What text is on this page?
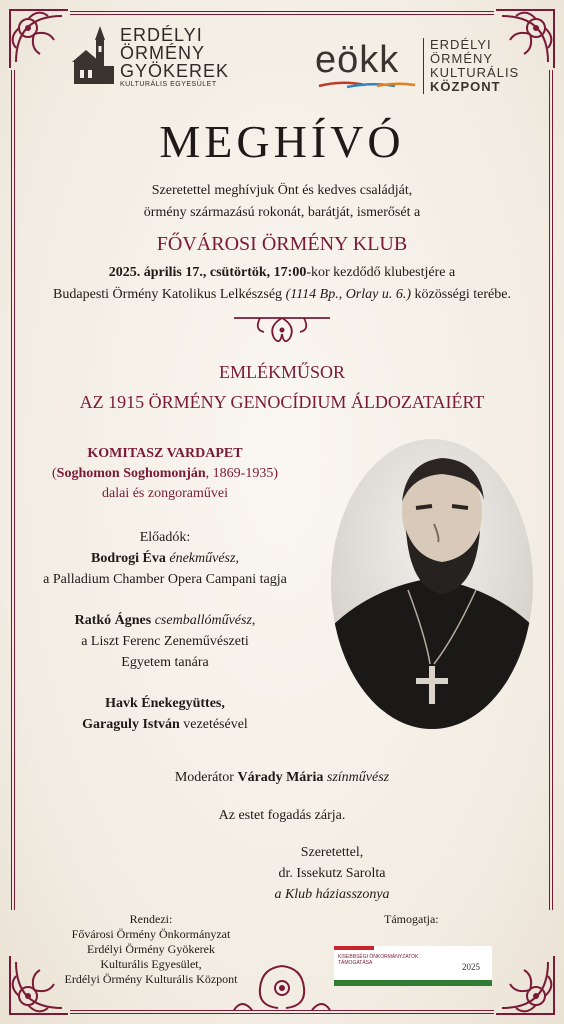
ERDÉLYI
ÖRMÉNY
GYÖKEREK
KULTURÁLIS EGYESÜLET
eökk ERDÉLYI
ÖRMÉNY
KULTURÁLIS
KÖZPONT
MEGHÍVÓ
Szeretettel meghívjuk Önt és kedves családját,
örmény származású rokonát, barátját, ismerősét a
FŐVÁROSI ÖRMÉNY KLUB
2025. április 17., csütörtök, 17:00-kor kezdődő klubestjére a
Budapesti Örmény Katolikus Lelkészség (1114 Bp., Orlay u. 6.) közösségi terébe.
EMLÉKMŰSOR
AZ 1915 ÖRMÉNY GENOCÍDIUM ÁLDOZATAIÉRT
KOMITASZ VARDAPET
(Soghomon Soghomonján, 1869-1935)
dalai és zongoraművei
Előadók:
Bodrogi Éva énekművész,
a Palladium Chamber Opera Campani tagja
Ratkó Ágnes csemballóművész,
a Liszt Ferenc Zeneművészeti
Egyetem tanára
Havk Énekegyüttes,
Garaguly István vezetésével
Moderátor Várady Mária színművész
Az estet fogadás zárja.
Szeretettel,
dr. Issekutz Sarolta
a Klub háziasszonya
Rendezi:
Fővárosi Örmény Önkormányzat
Erdélyi Örmény Gyökerek
Kulturális Egyesület,
Erdélyi Örmény Kulturális Központ
Támogatja:
KISEBBSÉGI ÖNKORMÁNYZATOK TÁMOGATÁSA	2025
